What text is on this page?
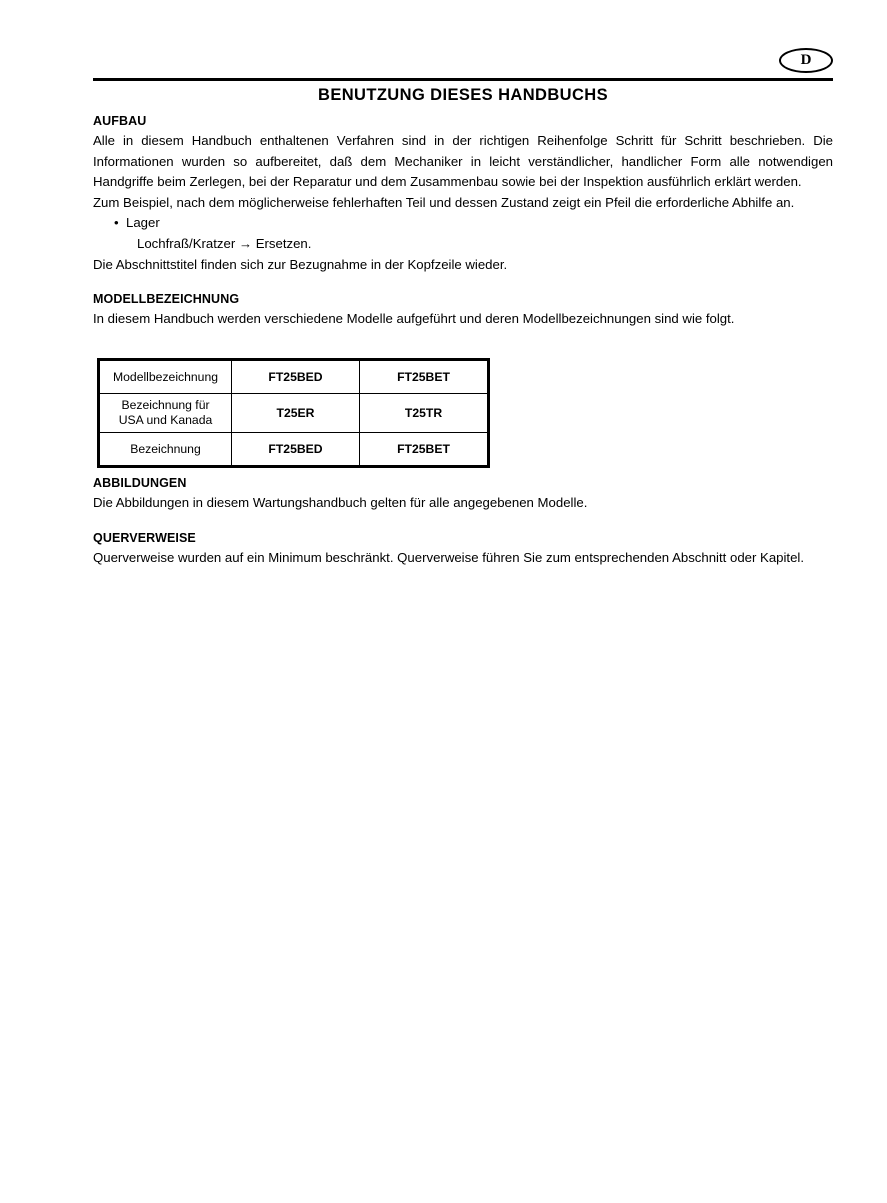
D
BENUTZUNG DIESES HANDBUCHS
AUFBAU
Alle in diesem Handbuch enthaltenen Verfahren sind in der richtigen Reihenfolge Schritt für Schritt beschrieben. Die Informationen wurden so aufbereitet, daß dem Mechaniker in leicht verständlicher, handlicher Form alle notwendigen Handgriffe beim Zerlegen, bei der Reparatur und dem Zusammenbau sowie bei der Inspektion ausführlich erklärt werden.
Zum Beispiel, nach dem möglicherweise fehlerhaften Teil und dessen Zustand zeigt ein Pfeil die erforderliche Abhilfe an.
• Lager
Lochfraß/Kratzer → Ersetzen.
Die Abschnittstitel finden sich zur Bezugnahme in der Kopfzeile wieder.
MODELLBEZEICHNUNG
In diesem Handbuch werden verschiedene Modelle aufgeführt und deren Modellbezeichnungen sind wie folgt.
Modellbezeichnung	FT25BED	FT25BET
Bezeichnung für
USA und Kanada	T25ER	T25TR
Bezeichnung	FT25BED	FT25BET
ABBILDUNGEN
Die Abbildungen in diesem Wartungshandbuch gelten für alle angegebenen Modelle.
QUERVERWEISE
Querverweise wurden auf ein Minimum beschränkt. Querverweise führen Sie zum entsprechenden Abschnitt oder Kapitel.
